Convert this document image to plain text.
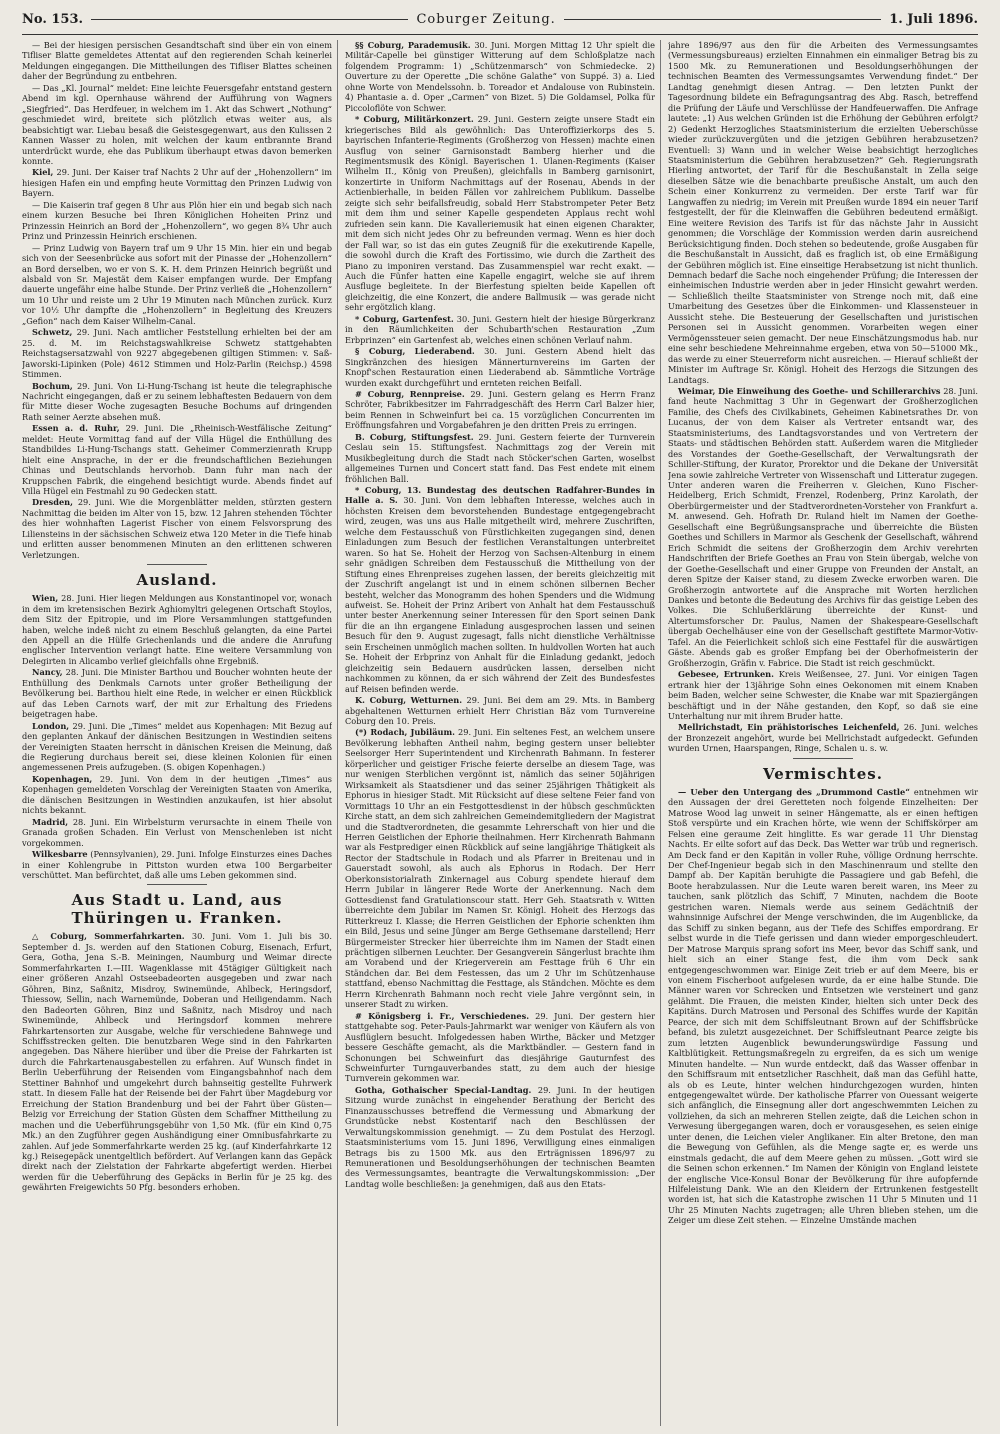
No. 153.	Coburger Zeitung.	1. Juli 1896.

— Bei der hiesigen persischen Gesandtschaft sind über ein von einem Tifliser Blatte gemeldetes Attentat auf den regierenden Schah keinerlei Meldungen eingegangen. Die Mittheilungen des Tifliser Blattes scheinen daher der Begründung zu entbehren.

— Das „Kl. Journal“ meldet: Eine leichte Feuersgefahr entstand gestern Abend im kgl. Opernhause während der Aufführung von Wagners „Siegfried“. Das Herdfeuer, in welchem im 1. Akt das Schwert „Nothung“ geschmiedet wird, breitete sich plötzlich etwas weiter aus, als beabsichtigt war. Liebau besaß die Geistesgegenwart, aus den Kulissen 2 Kannen Wasser zu holen, mit welchen der kaum entbrannte Brand unterdrückt wurde, ehe das Publikum überhaupt etwas davon bemerken konnte.

Kiel, 29. Juni. Der Kaiser traf Nachts 2 Uhr auf der „Hohenzollern“ im hiesigen Hafen ein und empfing heute Vormittag den Prinzen Ludwig von Bayern.

— Die Kaiserin traf gegen 8 Uhr aus Plön hier ein und begab sich nach einem kurzen Besuche bei Ihren Königlichen Hoheiten Prinz und Prinzessin Heinrich an Bord der „Hohenzollern“, wo gegen 8¾ Uhr auch Prinz und Prinzessin Heinrich erschienen.

— Prinz Ludwig von Bayern traf um 9 Uhr 15 Min. hier ein und begab sich von der Seesenbrücke aus sofort mit der Pinasse der „Hohenzollern“ an Bord derselben, wo er von S. K. H. dem Prinzen Heinrich begrüßt und alsbald von Sr. Majestät dem Kaiser empfangen wurde. Der Empfang dauerte ungefähr eine halbe Stunde. Der Prinz verließ die „Hohenzollern“ um 10 Uhr und reiste um 2 Uhr 19 Minuten nach München zurück. Kurz vor 10½ Uhr dampfte die „Hohenzollern“ in Begleitung des Kreuzers „Gefion“ nach dem Kaiser Wilhelm-Canal.

Schwetz, 29. Juni. Nach amtlicher Feststellung erhielten bei der am 25. d. M. im Reichstagswahlkreise Schwetz stattgehabten Reichstagsersatzwahl von 9227 abgegebenen giltigen Stimmen: v. Saß-Jaworski-Lipinken (Pole) 4612 Stimmen und Holz-Parlin (Reichsp.) 4598 Stimmen.

Bochum, 29. Juni. Von Li-Hung-Tschang ist heute die telegraphische Nachricht eingegangen, daß er zu seinem lebhaftesten Bedauern von dem für Mitte dieser Woche zugesagten Besuche Bochums auf dringenden Rath seiner Aerzte absehen muß.

Essen a. d. Ruhr, 29. Juni. Die „Rheinisch-Westfälische Zeitung“ meldet: Heute Vormittag fand auf der Villa Hügel die Enthüllung des Standbildes Li-Hung-Tschangs statt. Geheimer Commerzienrath Krupp hielt eine Ansprache, in der er die freundschaftlichen Beziehungen Chinas und Deutschlands hervorhob. Dann fuhr man nach der Kruppschen Fabrik, die eingehend besichtigt wurde. Abends findet auf Villa Hügel ein Festmahl zu 90 Gedecken statt.

Dresden, 29. Juni. Wie die Morgenblätter melden, stürzten gestern Nachmittag die beiden im Alter von 15, bzw. 12 Jahren stehenden Töchter des hier wohnhaften Lagerist Fischer von einem Felsvorsprung des Liliensteins in der sächsischen Schweiz etwa 120 Meter in die Tiefe hinab und erlitten ausser benommenen Minuten an den erlittenen schweren Verletzungen.

Ausland.

Wien, 28. Juni. Hier liegen Meldungen aus Konstantinopel vor, wonach in dem im kretensischen Bezirk Aghiomyltri gelegenen Ortschaft Stoylos, dem Sitz der Epitropie, und im Plore Versammlungen stattgefunden haben, welche indeß nicht zu einem Beschluß gelangten, da eine Partei den Appell an die Hülfe Griechenlands und die andere die Anrufung englischer Intervention verlangt hatte. Eine weitere Versammlung von Delegirten in Alicambo verlief gleichfalls ohne Ergebniß.

Nancy, 28. Juni. Die Minister Barthou und Boucher wohnten heute der Enthüllung des Denkmals Carnots unter großer Betheiligung der Bevölkerung bei. Barthou hielt eine Rede, in welcher er einen Rückblick auf das Leben Carnots warf, der mit zur Erhaltung des Friedens beigetragen habe.

London, 29. Juni. Die „Times“ meldet aus Kopenhagen: Mit Bezug auf den geplanten Ankauf der dänischen Besitzungen in Westindien seitens der Vereinigten Staaten herrscht in dänischen Kreisen die Meinung, daß die Regierung durchaus bereit sei, diese kleinen Kolonien für einen angemessenen Preis aufzugeben. (S. obigen Kopenhagen.)

Kopenhagen, 29. Juni. Von dem in der heutigen „Times“ aus Kopenhagen gemeldeten Vorschlag der Vereinigten Staaten von Amerika, die dänischen Besitzungen in Westindien anzukaufen, ist hier absolut nichts bekannt.

Madrid, 28. Juni. Ein Wirbelsturm verursachte in einem Theile von Granada großen Schaden. Ein Verlust von Menschenleben ist nicht vorgekommen.

Wilkesbarre (Pennsylvanien), 29. Juni. Infolge Einsturzes eines Daches in einer Kohlengrube in Pittston wurden etwa 100 Bergarbeiter verschüttet. Man befürchtet, daß alle ums Leben gekommen sind.

Aus Stadt u. Land, aus Thüringen u. Franken.

△ Coburg, Sommerfahrkarten. 30. Juni. Vom 1. Juli bis 30. September d. Js. werden auf den Stationen Coburg, Eisenach, Erfurt, Gera, Gotha, Jena S.-B. Meiningen, Naumburg und Weimar directe Sommerfahrkarten I.—III. Wagenklasse mit 45tägiger Gültigkeit nach einer größeren Anzahl Ostseebadeorten ausgegeben und zwar nach Göhren, Binz, Saßnitz, Misdroy, Swinemünde, Ahlbeck, Heringsdorf, Thiessow, Sellin, nach Warnemünde, Doberan und Heiligendamm. Nach den Badeorten Göhren, Binz und Saßnitz, nach Misdroy und nach Swinemünde, Ahlbeck und Heringsdorf kommen mehrere Fahrkartensorten zur Ausgabe, welche für verschiedene Bahnwege und Schiffsstrecken gelten. Die benutzbaren Wege sind in den Fahrkarten angegeben. Das Nähere hierüber und über die Preise der Fahrkarten ist durch die Fahrkartenausgabestellen zu erfahren. Auf Wunsch findet in Berlin Ueberführung der Reisenden vom Eingangsbahnhof nach dem Stettiner Bahnhof und umgekehrt durch bahnseitig gestellte Fuhrwerk statt. In diesem Falle hat der Reisende bei der Fahrt über Magdeburg vor Erreichung der Station Brandenburg und bei der Fahrt über Güsten—Belzig vor Erreichung der Station Güsten dem Schaffner Mittheilung zu machen und die Ueberführungsgebühr von 1,50 Mk. (für ein Kind 0,75 Mk.) an den Zugführer gegen Aushändigung einer Omnibusfahrkarte zu zahlen. Auf jede Sommerfahrkarte werden 25 kg. (auf Kinderfahrkarte 12 kg.) Reisegepäck unentgeltlich befördert. Auf Verlangen kann das Gepäck direkt nach der Zielstation der Fahrkarte abgefertigt werden. Hierbei werden für die Ueberführung des Gepäcks in Berlin für je 25 kg. des gewährten Freigewichts 50 Pfg. besonders erhoben.

§§ Coburg, Parademusik. 30. Juni. Morgen Mittag 12 Uhr spielt die Militär-Capelle bei günstiger Witterung auf dem Schloßplatze nach folgendem Programm: 1) „Schützenmarsch“ von Schmiedecke. 2) Ouverture zu der Operette „Die schöne Galathe“ von Suppé. 3) a. Lied ohne Worte von Mendelssohn. b. Toreador et Andalouse von Rubinstein. 4) Phantasie a. d. Oper „Carmen“ von Bizet. 5) Die Goldamsel, Polka für Piccoloflöte von Schwer.

* Coburg, Militärkonzert. 29. Juni. Gestern zeigte unsere Stadt ein kriegerisches Bild als gewöhnlich: Das Unteroffizierkorps des 5. bayrischen Infanterie-Regiments (Großherzog von Hessen) machte einen Ausflug von seiner Garnisonstadt Bamberg hierher und die Regimentsmusik des Königl. Bayerischen 1. Ulanen-Regiments (Kaiser Wilhelm II., König von Preußen), gleichfalls in Bamberg garnisonirt, konzertirte in Uniform Nachmittags auf der Rosenau, Abends in der Actienbierhalle, in beiden Fällen vor zahlreichem Publikum. Dasselbe zeigte sich sehr beifallsfreudig, sobald Herr Stabstrompeter Peter Betz mit dem ihm und seiner Kapelle gespendeten Applaus recht wohl zufrieden sein kann. Die Kavalleriemusik hat einen eigenen Charakter, mit dem sich nicht jedes Ohr zu befreunden vermag. Wenn es hier doch der Fall war, so ist das ein gutes Zeugniß für die exekutirende Kapelle, die sowohl durch die Kraft des Fortissimo, wie durch die Zartheit des Piano zu imponiren verstand. Das Zusammenspiel war recht exakt. — Auch die Fünfer hatten eine Kapelle engagirt, welche sie auf ihrem Ausfluge begleitete. In der Bierfestung spielten beide Kapellen oft gleichzeitig, die eine Konzert, die andere Ballmusik — was gerade nicht sehr ergötzlich klang.

* Coburg, Gartenfest. 30. Juni. Gestern hielt der hiesige Bürgerkranz in den Räumlichkeiten der Schubarth'schen Restauration „Zum Erbprinzen“ ein Gartenfest ab, welches einen schönen Verlauf nahm.

§ Coburg, Liederabend. 30. Juni. Gestern Abend hielt das Singkränzchen des hiesigen Männerturnvereins im Garten der Knopf'schen Restauration einen Liederabend ab. Sämmtliche Vorträge wurden exakt durchgeführt und ernteten reichen Beifall.

# Coburg, Rennpreise. 29. Juni. Gestern gelang es Herrn Franz Schröter, Fabrikbesitzer im Fahrradgeschäft des Herrn Carl Balzer hier, beim Rennen in Schweinfurt bei ca. 15 vorzüglichen Concurrenten im Eröffnungsfahren und Vorgabefahren je den dritten Preis zu erringen.

B. Coburg, Stiftungsfest. 29. Juni. Gestern feierte der Turnverein Ceslau sein 15. Stiftungsfest. Nachmittags zog der Verein mit Musikbegleitung durch die Stadt nach Stöcker'schen Garten, woselbst allgemeines Turnen und Concert statt fand. Das Fest endete mit einem fröhlichen Ball.

* Coburg, 13. Bundestag des deutschen Radfahrer-Bundes in Halle a. S. 30. Juni. Von dem lebhaften Interesse, welches auch in höchsten Kreisen dem bevorstehenden Bundestage entgegengebracht wird, zeugen, was uns aus Halle mitgetheilt wird, mehrere Zuschriften, welche dem Festausschuß von Fürstlichkeiten zugegangen sind, denen Einladungen zum Besuch der festlichen Veranstaltungen unterbreitet waren. So hat Se. Hoheit der Herzog von Sachsen-Altenburg in einem sehr gnädigen Schreiben dem Festausschuß die Mittheilung von der Stiftung eines Ehrenpreises zugehen lassen, der bereits gleichzeitig mit der Zuschrift angelangt ist und in einem schönen silbernen Becher besteht, welcher das Monogramm des hohen Spenders und die Widmung aufweist. Se. Hoheit der Prinz Aribert von Anhalt hat dem Festausschuß unter bester Anerkennung seiner Interessen für den Sport seinen Dank für die an ihn ergangene Einladung ausgesprochen lassen und seinen Besuch für den 9. August zugesagt, falls nicht dienstliche Verhältnisse sein Erscheinen unmöglich machen sollten. In huldvollen Worten hat auch Se. Hoheit der Erbprinz von Anhalt für die Einladung gedankt, jedoch gleichzeitig sein Bedauern ausdrücken lassen, derselben nicht nachkommen zu können, da er sich während der Zeit des Bundesfestes auf Reisen befinden werde.

K. Coburg, Wetturnen. 29. Juni. Bei dem am 29. Mts. in Bamberg abgehaltenen Wetturnen erhielt Herr Christian Bäz vom Turnvereine Coburg den 10. Preis.

(*) Rodach, Jubiläum. 29. Juni. Ein seltenes Fest, an welchem unsere Bevölkerung lebhaften Antheil nahm, beging gestern unser beliebter Seelsorger Herr Superintendent und Kirchenrath Bahmann. In festerer körperlicher und geistiger Frische feierte derselbe an diesem Tage, was nur wenigen Sterblichen vergönnt ist, nämlich das seiner 50jährigen Wirksamkeit als Staatsdiener und das seiner 25jährigen Thätigkeit als Ephorus in hiesiger Stadt. Mit Rücksicht auf diese seltene Feier fand von Vormittags 10 Uhr an ein Festgottesdienst in der hübsch geschmückten Kirche statt, an dem sich zahlreichen Gemeindemitgliedern der Magistrat und die Stadtverordneten, die gesammte Lehrerschaft von hier und die Herren Geistlichen der Ephorie theilnahmen. Herr Kirchenrath Bahmann war als Festprediger einen Rückblick auf seine langjährige Thätigkeit als Rector der Stadtschule in Rodach und als Pfarrer in Breitenau und in Gauerstadt sowohl, als auch als Ephorus in Rodach. Der Herr Oberkonsistorialrath Zinkernagel aus Coburg spendete hierauf dem Herrn Jubilar in längerer Rede Worte der Anerkennung. Nach dem Gottesdienst fand Gratulationscour statt. Herr Geh. Staatsrath v. Witten überreichte dem Jubilar im Namen Sr. Königl. Hoheit des Herzogs das Ritterkreuz I. Klasse; die Herren Geistlichen der Ephorie schenkten ihm ein Bild, Jesus und seine Jünger am Berge Gethsemane darstellend; Herr Bürgermeister Strecker hier überreichte ihm im Namen der Stadt einen prächtigen silbernen Leuchter. Der Gesangverein Sängerlust brachte ihm am Vorabend und der Kriegerverein am Festtage früh 6 Uhr ein Ständchen dar. Bei dem Festessen, das um 2 Uhr im Schützenhause stattfand, ebenso Nachmittag die Festtage, als Ständchen. Möchte es dem Herrn Kirchenrath Bahmann noch recht viele Jahre vergönnt sein, in unserer Stadt zu wirken.

# Königsberg i. Fr., Verschiedenes. 29. Juni. Der gestern hier stattgehabte sog. Peter-Pauls-Jahrmarkt war weniger von Käufern als von Ausflüglern besucht. Infolgedessen haben Wirthe, Bäcker und Metzger bessere Geschäfte gemacht, als die Marktbändler. — Gestern fand in Schonungen bei Schweinfurt das diesjährige Gauturnfest des Schweinfurter Turngauverbandes statt, zu dem auch der hiesige Turnverein gekommen war.

Gotha, Gothaischer Special-Landtag. 29. Juni. In der heutigen Sitzung wurde zunächst in eingehender Berathung der Bericht des Finanzausschusses betreffend die Vermessung und Abmarkung der Grundstücke nebst Kostentarif nach den Beschlüssen der Verwaltungskommission genehmigt. — Zu dem Postulat des Herzogl. Staatsministeriums vom 15. Juni 1896, Verwilligung eines einmaligen Betrags bis zu 1500 Mk. aus den Erträgnissen 1896/97 zu Remunerationen und Besoldungserhöhungen der technischen Beamten des Vermessungsamtes, beantragte die Verwaltungskommission: „Der Landtag wolle beschließen: ja genehmigen, daß aus den Etats-

jahre 1896/97 aus den für die Arbeiten des Vermessungsamtes (Vermessungsbureaus) erzielten Einnahmen ein einmaliger Betrag bis zu 1500 Mk. zu Remunerationen und Besoldungserhöhungen der technischen Beamten des Vermessungsamtes Verwendung findet.“ Der Landtag genehmigt diesen Antrag. — Den letzten Punkt der Tagesordnung bildete ein Befragungsantrag des Abg. Rasch, betreffend die Prüfung der Läufe und Verschlüsse der Handfeuerwaffen. Die Anfrage lautete: „1) Aus welchen Gründen ist die Erhöhung der Gebühren erfolgt? 2) Gedenkt Herzogliches Staatsministerium die erzielten Ueberschüsse wieder zurückzuvergüten und die jetzigen Gebühren herabzusetzen? Eventuell: 3) Wann und in welcher Weise beabsichtigt herzogliches Staatsministerium die Gebühren herabzusetzen?“ Geh. Regierungsrath Hierling antwortet, der Tarif für die Beschußanstalt in Zella seige dieselben Sätze wie die benachbarte preußische Anstalt, um auch den Schein einer Konkurrenz zu vermeiden. Der erste Tarif war für Langwaffen zu niedrig; im Verein mit Preußen wurde 1894 ein neuer Tarif festgestellt, der für die Kleinwaffen die Gebühren bedeutend ermäßigt. Eine weitere Revision des Tarifs ist für das nächste Jahr in Aussicht genommen; die Vorschläge der Kommission werden darin ausreichend Berücksichtigung finden. Doch stehen so bedeutende, große Ausgaben für die Beschußanstalt in Aussicht, daß es fraglich ist, ob eine Ermäßigung der Gebühren möglich ist. Eine einseitige Herabsetzung ist nicht thunlich. Demnach bedarf die Sache noch eingehender Prüfung; die Interessen der einheimischen Industrie werden aber in jeder Hinsicht gewahrt werden. — Schließlich theilte Staatsminister von Strenge noch mit, daß eine Umarbeitung des Gesetzes über die Einkommen- und Klassensteuer in Aussicht stehe. Die Besteuerung der Gesellschaften und juristischen Personen sei in Aussicht genommen. Vorarbeiten wegen einer Vermögenssteuer seien gemacht. Der neue Einschätzungsmodus hab. nur eine sehr beschiedene Mehreinnahme ergeben, etwa von 50—51000 Mk., das werde zu einer Steuerreform nicht ausreichen. — Hierauf schließt der Minister im Auftrage Sr. Königl. Hoheit des Herzogs die Sitzungen des Landtags.

Weimar, Die Einweihung des Goethe- und Schillerarchivs 28. Juni. fand heute Nachmittag 3 Uhr in Gegenwart der Großherzoglichen Familie, des Chefs des Civilkabinets, Geheimen Kabinetsrathes Dr. von Lucanus, der von dem Kaiser als Vertreter entsandt war, des Staatsministeriums, des Landtagsvorstandes und von Vertretern der Staats- und städtischen Behörden statt. Außerdem waren die Mitglieder des Vorstandes der Goethe-Gesellschaft, der Verwaltungsrath der Schiller-Stiftung, der Kurator, Prorektor und die Dekane der Universität Jena sowie zahlreiche Vertreter von Wissenschaft und Litteratur zugegen. Unter anderen waren die Freiherren v. Gleichen, Kuno Fischer-Heidelberg, Erich Schmidt, Frenzel, Rodenberg, Prinz Karolath, der Oberbürgermeister und der Stadtverordneten-Vorsteher von Frankfurt a. M. anwesend. Geh. Hofrath Dr. Ruland hielt im Namen der Goethe-Gesellschaft eine Begrüßungsansprache und überreichte die Büsten Goethes und Schillers in Marmor als Geschenk der Gesellschaft, während Erich Schmidt die seitens der Großherzogin dem Archiv verehrten Handschriften der Briefe Goethes an Frau von Stein übergab, welche von der Goethe-Gesellschaft und einer Gruppe von Freunden der Anstalt, an deren Spitze der Kaiser stand, zu diesem Zwecke erworben waren. Die Großherzogin antwortete auf die Ansprache mit Worten herzlichen Dankes und betonte die Bedeutung des Archivs für das geistige Leben des Volkes. Die Schlußerklärung überreichte der Kunst- und Altertumsforscher Dr. Paulus, Namen der Shakespeare-Gesellschaft übergab Oechelhäuser eine von der Gesellschaft gestiftete Marmor-Votiv-Tafel. An die Feierlichkeit schloß sich eine Festtafel für die auswärtigen Gäste. Abends gab es großer Empfang bei der Oberhofmeisterin der Großherzogin, Gräfin v. Fabrice. Die Stadt ist reich geschmückt.

Gebesee, Ertrunken. Kreis Weißensee, 27. Juni. Vor einigen Tagen ertrank hier der 13jährige Sohn eines Oekonomen mit einem Knaben beim Baden, welcher seine Schwester, die Knabe war mit Spaziergängen beschäftigt und in der Nähe gestanden, den Kopf, so daß sie eine Unterhaltung nur mit ihrem Bruder hatte.

Mellrichstadt, Ein prähistorisches Leichenfeld, 26. Juni. welches der Bronzezeit angehört, wurde bei Mellrichstadt aufgedeckt. Gefunden wurden Urnen, Haarspangen, Ringe, Schalen u. s. w.

Vermischtes.

— Ueber den Untergang des „Drummond Castle“ entnehmen wir den Aussagen der drei Geretteten noch folgende Einzelheiten: Der Matrose Wood lag unweit in seiner Hängematte, als er einen heftigen Stoß verspürte und ein Krachen hörte, wie wenn der Schiffskörper am Felsen eine geraume Zeit hinglitte. Es war gerade 11 Uhr Dienstag Nachts. Er eilte sofort auf das Deck. Das Wetter war trüb und regnerisch. Am Deck fand er den Kapitän in voller Ruhe, völlige Ordnung herrschte. Der Chef-Ingenieur begab sich in den Maschinenraum und stellte den Dampf ab. Der Kapitän beruhigte die Passagiere und gab Befehl, die Boote herabzulassen. Nur die Leute waren bereit waren, ins Meer zu tauchen, sank plötzlich das Schiff, 7 Minuten, nachdem die Boote gestrichen waren. Niemals werde aus seinem Gedächtniß der wahnsinnige Aufschrei der Menge verschwinden, die im Augenblicke, da das Schiff zu sinken begann, aus der Tiefe des Schiffes empordrang. Er selbst wurde in die Tiefe gerissen und dann wieder emporgeschleudert. Der Matrose Marquis sprang sofort ins Meer, bevor das Schiff sank, und hielt sich an einer Stange fest, die ihm vom Deck sank entgegengeschwommen war. Einige Zeit trieb er auf dem Meere, bis er von einem Fischerboot aufgelesen wurde, da er eine halbe Stunde. Die Männer waren vor Schrecken und Entsetzen wie versteinert und ganz gelähmt. Die Frauen, die meisten Kinder, hielten sich unter Deck des Kapitäns. Durch Matrosen und Personal des Schiffes wurde der Kapitän Pearce, der sich mit dem Schiffsleutnant Brown auf der Schiffsbrücke befand, bis zuletzt ausgezeichnet. Der Schiffsleutnant Pearce zeigte bis zum letzten Augenblick bewunderungswürdige Fassung und Kaltblütigkeit. Rettungsmaßregeln zu ergreifen, da es sich um wenige Minuten handelte. — Nun wurde entdeckt, daß das Wasser offenbar in den Schiffsraum mit entsetzlicher Raschheit, daß man das Gefühl hatte, als ob es Leute, hinter welchen hindurchgezogen wurden, hinten entgegengewaltet würde. Der katholische Pfarrer von Ouessant weigerte sich anfänglich, die Einsegnung aller dort angeschwemmten Leichen zu vollziehen, da sich an mehreren Stellen zeigte, daß die Leichen schon in Verwesung übergegangen waren, doch er vorausgesehen, es seien einige unter denen, die Leichen vieler Anglikaner. Ein alter Bretone, den man die Bewegung von Gefühlen, als die Menge sagte er, es werde uns einstmals gedacht, die auf dem Meere gehen zu müssen. „Gott wird sie die Seinen schon erkennen.“ Im Namen der Königin von England leistete der englische Vice-Konsul Bonar der Bevölkerung für ihre aufopfernde Hilfeleistung Dank. Wie an den Kleidern der Ertrunkenen festgestellt worden ist, hat sich die Katastrophe zwischen 11 Uhr 5 Minuten und 11 Uhr 25 Minuten Nachts zugetragen; alle Uhren blieben stehen, um die Zeiger um diese Zeit stehen. — Einzelne Umstände machen
